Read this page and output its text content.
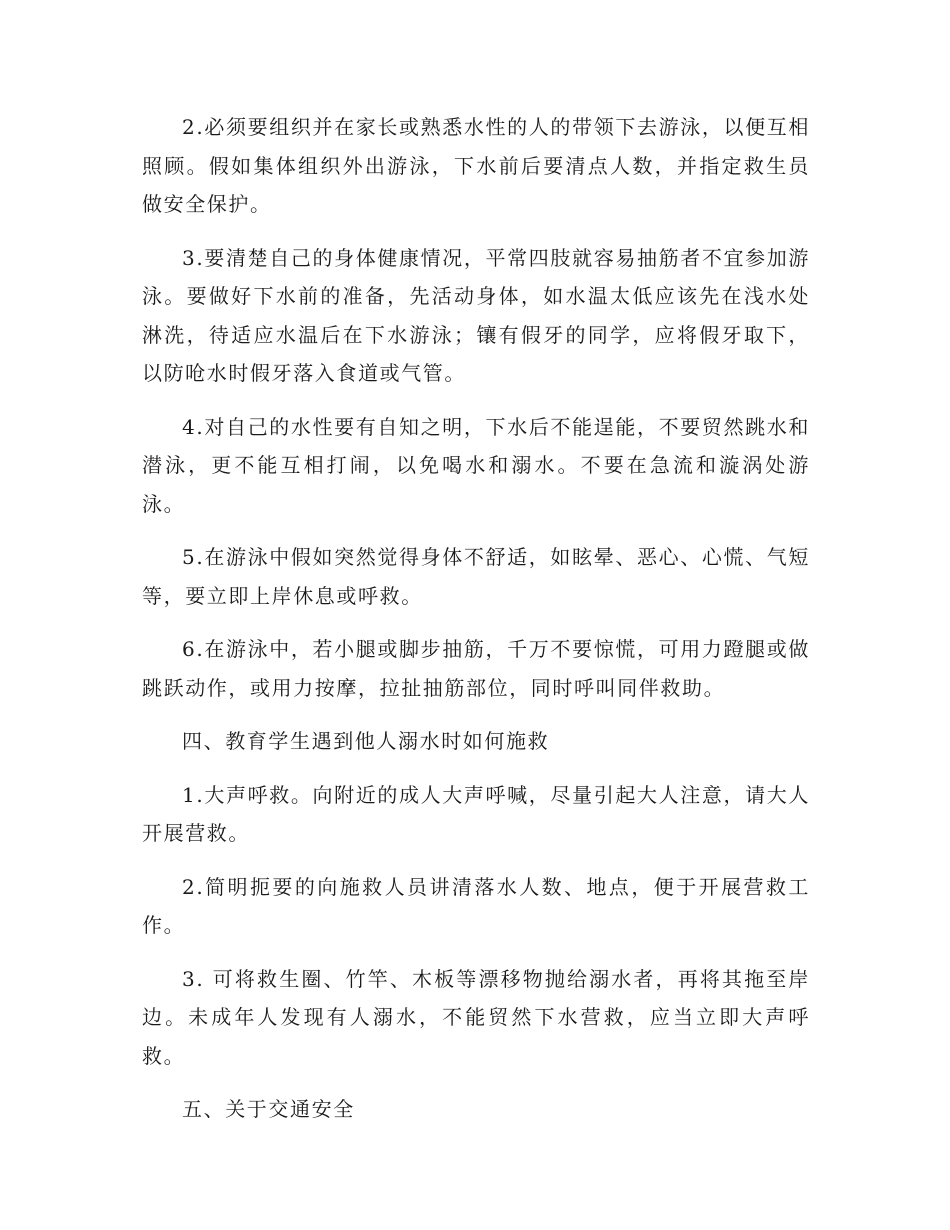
2.必须要组织并在家长或熟悉水性的人的带领下去游泳，以便互相照顾。假如集体组织外出游泳，下水前后要清点人数，并指定救生员做安全保护。

3.要清楚自己的身体健康情况，平常四肢就容易抽筋者不宜参加游泳。要做好下水前的准备，先活动身体，如水温太低应该先在浅水处淋洗，待适应水温后在下水游泳；镶有假牙的同学，应将假牙取下，以防呛水时假牙落入食道或气管。

4.对自己的水性要有自知之明，下水后不能逞能，不要贸然跳水和潜泳，更不能互相打闹，以免喝水和溺水。不要在急流和漩涡处游泳。

5.在游泳中假如突然觉得身体不舒适，如眩晕、恶心、心慌、气短等，要立即上岸休息或呼救。

6.在游泳中，若小腿或脚步抽筋，千万不要惊慌，可用力蹬腿或做跳跃动作，或用力按摩，拉扯抽筋部位，同时呼叫同伴救助。

四、教育学生遇到他人溺水时如何施救

1.大声呼救。向附近的成人大声呼喊，尽量引起大人注意，请大人开展营救。

2.简明扼要的向施救人员讲清落水人数、地点，便于开展营救工作。

3. 可将救生圈、竹竿、木板等漂移物抛给溺水者，再将其拖至岸边。未成年人发现有人溺水，不能贸然下水营救，应当立即大声呼救。

五、关于交通安全
